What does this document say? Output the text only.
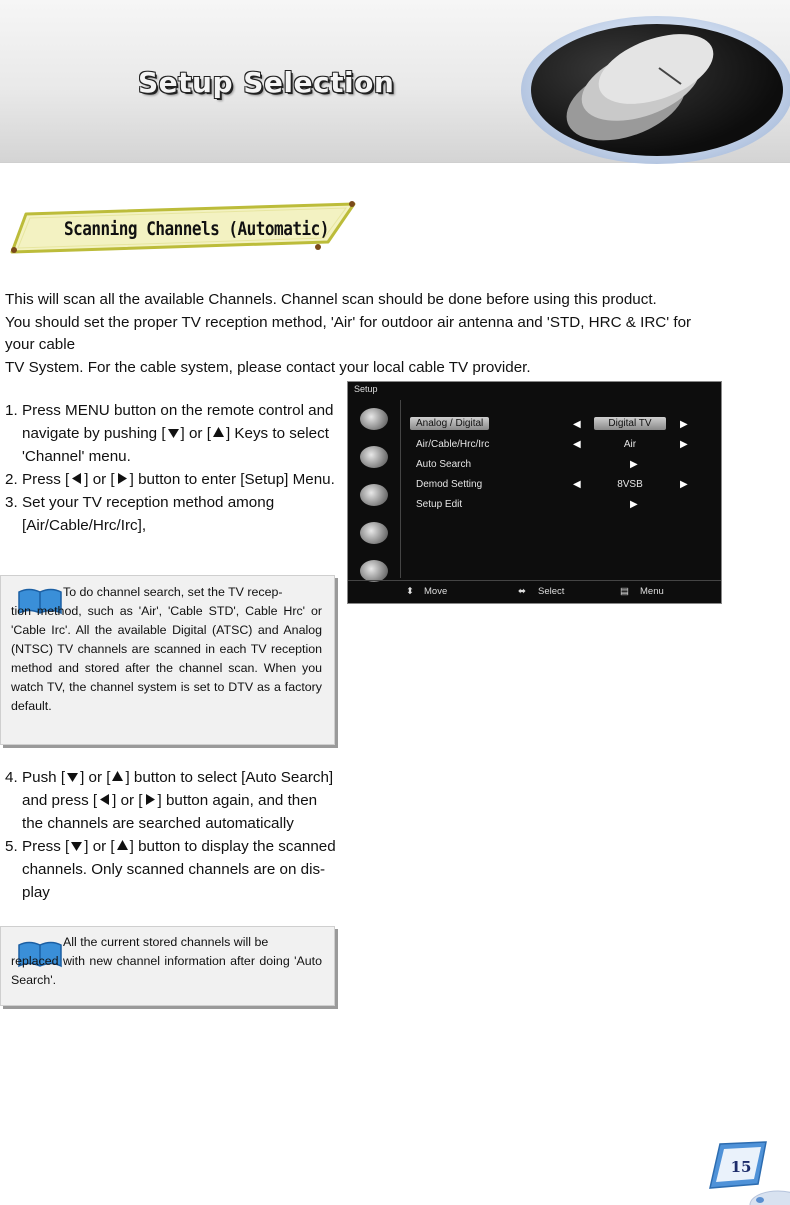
Setup Selection
Scanning Channels (Automatic)
This will scan all the available Channels. Channel scan should be done before using this product.
You should set the proper TV reception method, 'Air' for outdoor air antenna and 'STD, HRC & IRC' for
your cable
TV System. For the cable system, please contact your local cable TV provider.
1. Press MENU button on the remote control and navigate by pushing [ ] or [ ] Keys to select 'Channel' menu.
2. Press [ ] or [ ] button to enter [Setup] Menu.
3. Set your TV reception method among [Air/Cable/Hrc/Irc],

To do channel search, set the TV recep-
tion method, such as 'Air', 'Cable STD', Cable Hrc' or 'Cable Irc'. All the available Digital (ATSC) and Analog (NTSC) TV channels are scanned in each TV reception method and stored after the channel scan. When you watch TV, the channel system is set to DTV as a factory default.

4. Push [ ] or [ ] button to select [Auto Search] and press [ ] or [ ] button again, and then the channels are searched automatically
5. Press [ ] or [ ] button to display the scanned channels. Only scanned channels are on dis-play

All the current stored channels will be
replaced with new channel information after doing 'Auto Search'.

Setup
Analog / Digital	◀	Digital TV	▶
Air/Cable/Hrc/Irc	◀	Air	▶
Auto Search	▶
Demod Setting	◀	8VSB	▶
Setup Edit	▶
⬍ Move	⬌ Select	▤ Menu
15
